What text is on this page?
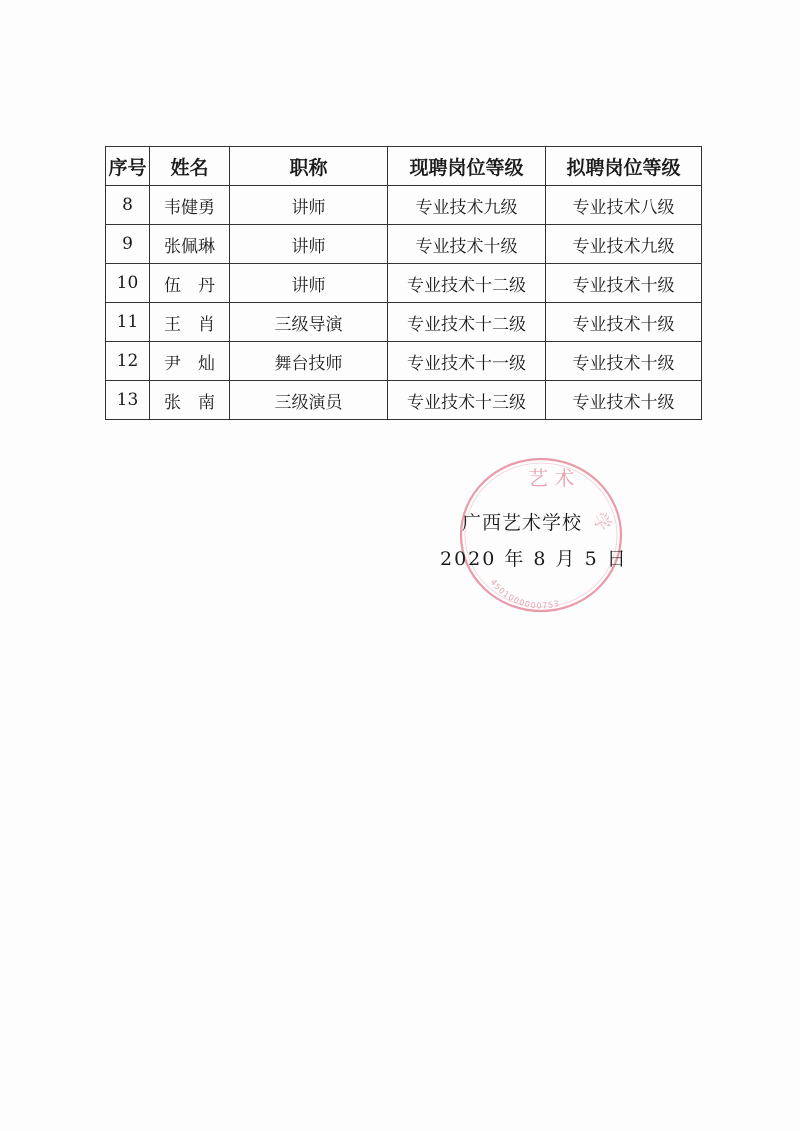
序号	姓名	职称	现聘岗位等级	拟聘岗位等级
8	韦健勇	讲师	专业技术九级	专业技术八级
9	张佩琳	讲师	专业技术十级	专业技术九级
10	伍　丹	讲师	专业技术十二级	专业技术十级
11	王　肖	三级导演	专业技术十二级	专业技术十级
12	尹　灿	舞台技师	专业技术十一级	专业技术十级
13	张　南	三级演员	专业技术十三级	专业技术十级
艺 术
学
4501000000753
广西艺术学校
2020 年 8 月 5 日
